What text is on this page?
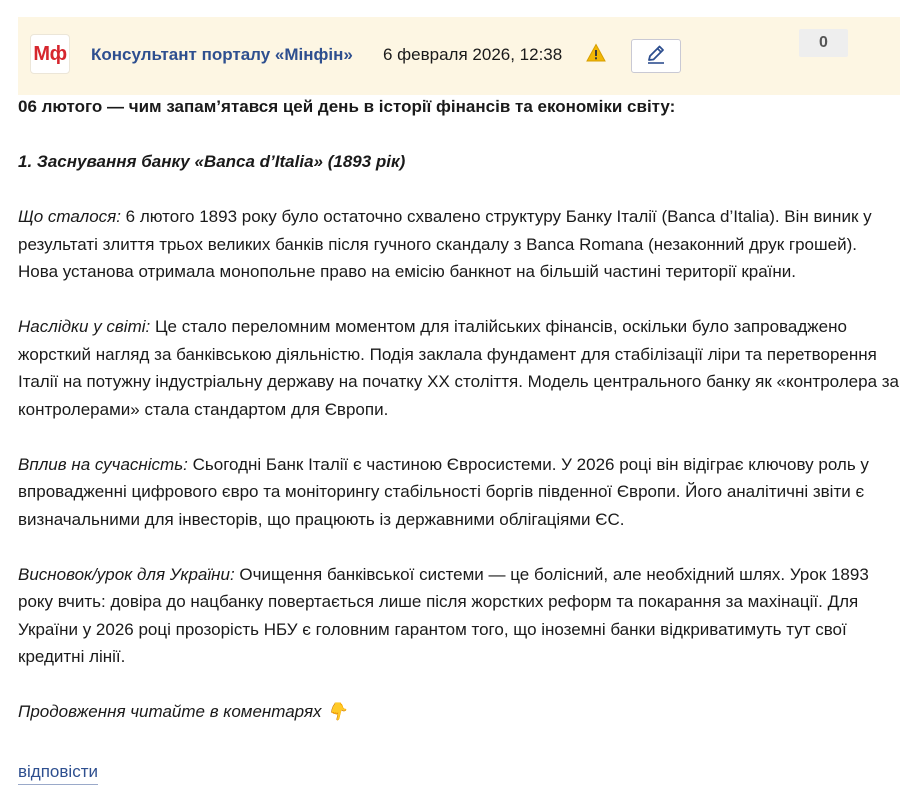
Мф Консультант порталу «Мінфін» 6 февраля 2026, 12:38
0

06 лютого — чим запам’ятався цей день в історії фінансів та економіки світу:

1. Заснування банку «Banca d’Italia» (1893 рік)

Що сталося: 6 лютого 1893 року було остаточно схвалено структуру Банку Італії (Banca d’Italia). Він виник у результаті злиття трьох великих банків після гучного скандалу з Banca Romana (незаконний друк грошей). Нова установа отримала монопольне право на емісію банкнот на більшій частині території країни.

Наслідки у світі: Це стало переломним моментом для італійських фінансів, оскільки було запроваджено жорсткий нагляд за банківською діяльністю. Подія заклала фундамент для стабілізації ліри та перетворення Італії на потужну індустріальну державу на початку XX століття. Модель центрального банку як «контролера за контролерами» стала стандартом для Європи.

Вплив на сучасність: Сьогодні Банк Італії є частиною Євросистеми. У 2026 році він відіграє ключову роль у впровадженні цифрового євро та моніторингу стабільності боргів південної Європи. Його аналітичні звіти є визначальними для інвесторів, що працюють із державними облігаціями ЄС.

Висновок/урок для України: Очищення банківської системи — це болісний, але необхідний шлях. Урок 1893 року вчить: довіра до нацбанку повертається лише після жорстких реформ та покарання за махінації. Для України у 2026 році прозорість НБУ є головним гарантом того, що іноземні банки відкриватимуть тут свої кредитні лінії.

Продовження читайте в коментарях 👇

відповісти
